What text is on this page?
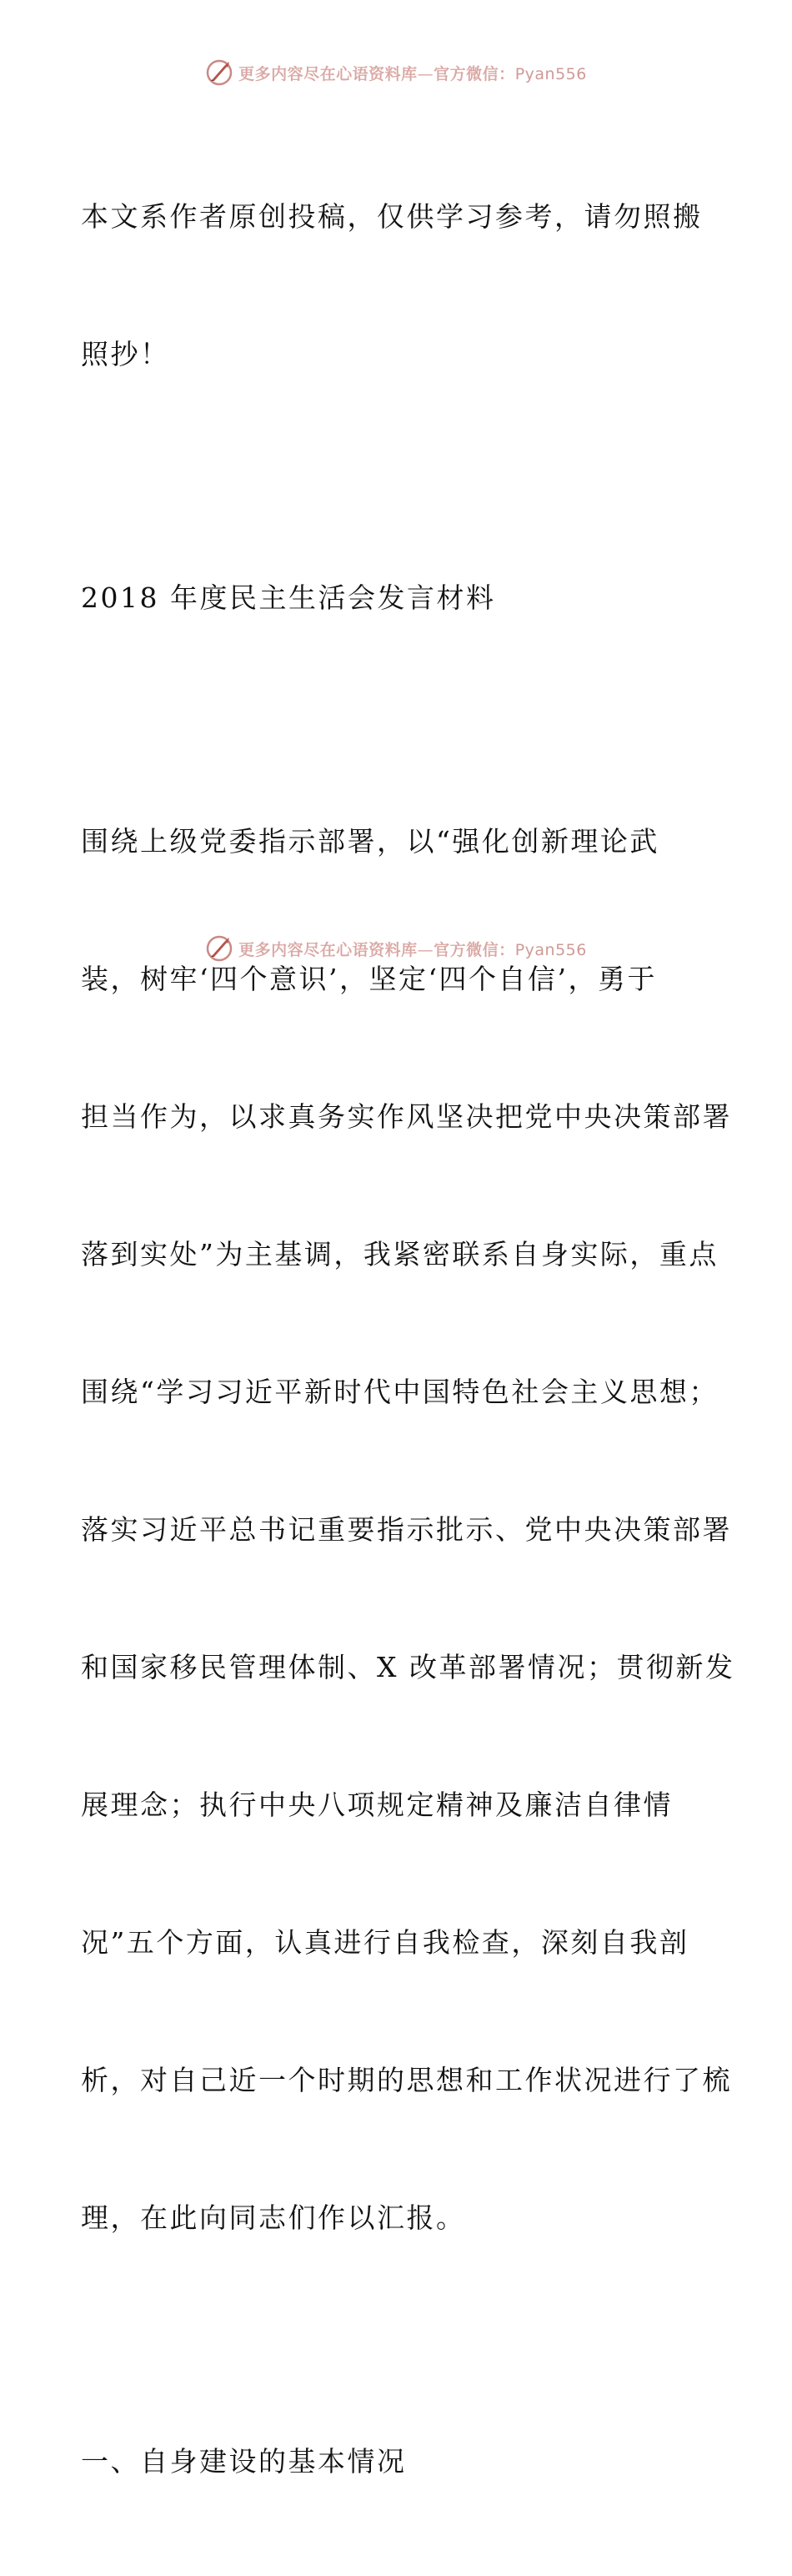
更多内容尽在心语资料库—官方微信：Pyan556

本文系作者原创投稿，仅供学习参考，请勿照搬

照抄！

2018 年度民主生活会发言材料

围绕上级党委指示部署，以“强化创新理论武

装，树牢‘四个意识’，坚定‘四个自信’，勇于

担当作为，以求真务实作风坚决把党中央决策部署

落到实处”为主基调，我紧密联系自身实际，重点

围绕“学习习近平新时代中国特色社会主义思想；

落实习近平总书记重要指示批示、党中央决策部署

和国家移民管理体制、X 改革部署情况；贯彻新发

展理念；执行中央八项规定精神及廉洁自律情

况”五个方面，认真进行自我检查，深刻自我剖

析，对自己近一个时期的思想和工作状况进行了梳

理，在此向同志们作以汇报。

一、自身建设的基本情况

更多内容尽在心语资料库—官方微信：Pyan556
